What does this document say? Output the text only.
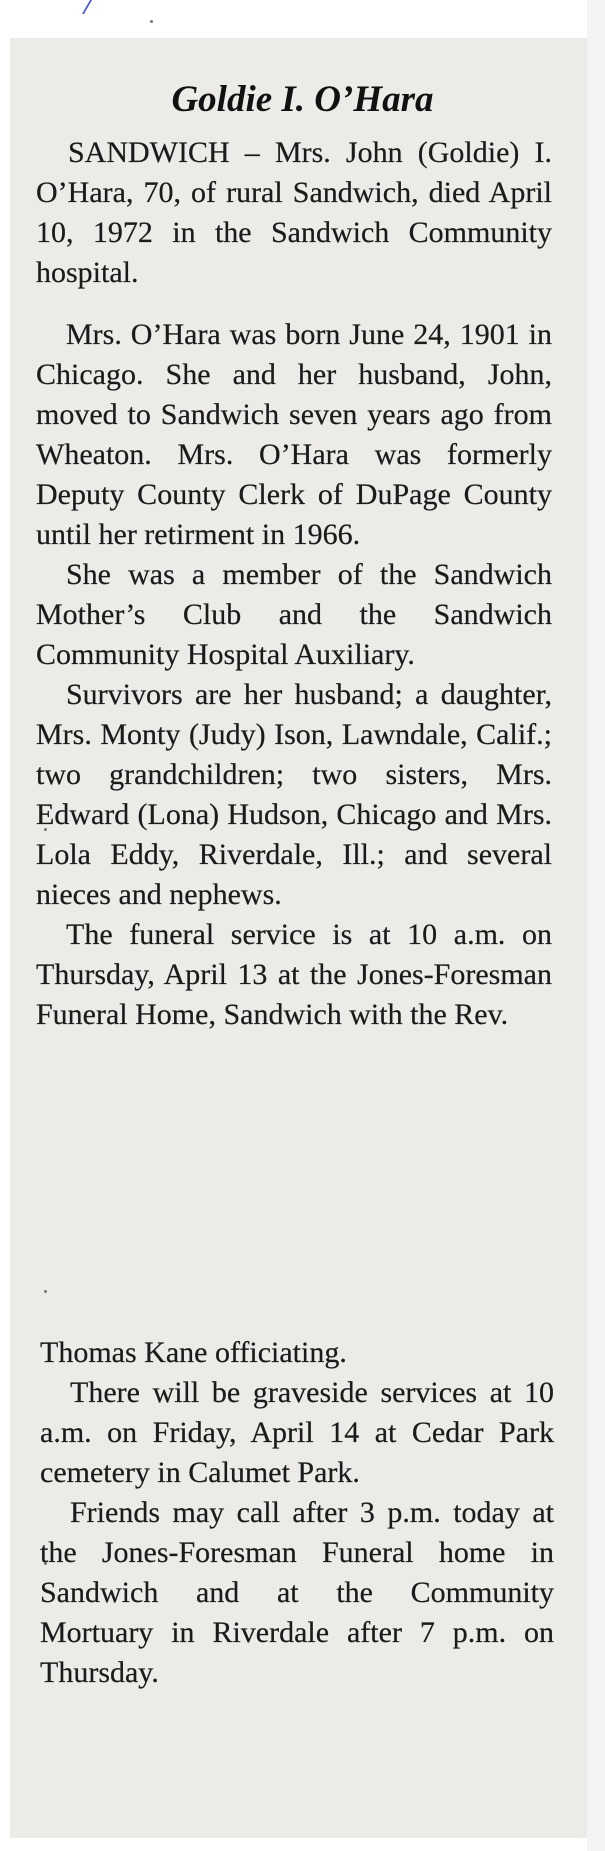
Goldie I. O’Hara

SANDWICH – Mrs. John (Goldie) I. O’Hara, 70, of rural Sandwich, died April 10, 1972 in the Sandwich Community hospital.

Mrs. O’Hara was born June 24, 1901 in Chicago. She and her husband, John, moved to Sandwich seven years ago from Wheaton. Mrs. O’Hara was formerly Deputy County Clerk of DuPage County until her retirment in 1966.

She was a member of the Sandwich Mother’s Club and the Sandwich Community Hospital Auxiliary.

Survivors are her husband; a daughter, Mrs. Monty (Judy) Ison, Lawndale, Calif.; two grandchildren; two sisters, Mrs. Edward (Lona) Hudson, Chicago and Mrs. Lola Eddy, Riverdale, Ill.; and several nieces and nephews.

The funeral service is at 10 a.m. on Thursday, April 13 at the Jones-Foresman Funeral Home, Sandwich with the Rev.

Thomas Kane officiating.

There will be graveside services at 10 a.m. on Friday, April 14 at Cedar Park cemetery in Calumet Park.

Friends may call after 3 p.m. today at the Jones-Foresman Funeral home in Sandwich and at the Community Mortuary in Riverdale after 7 p.m. on Thursday.
